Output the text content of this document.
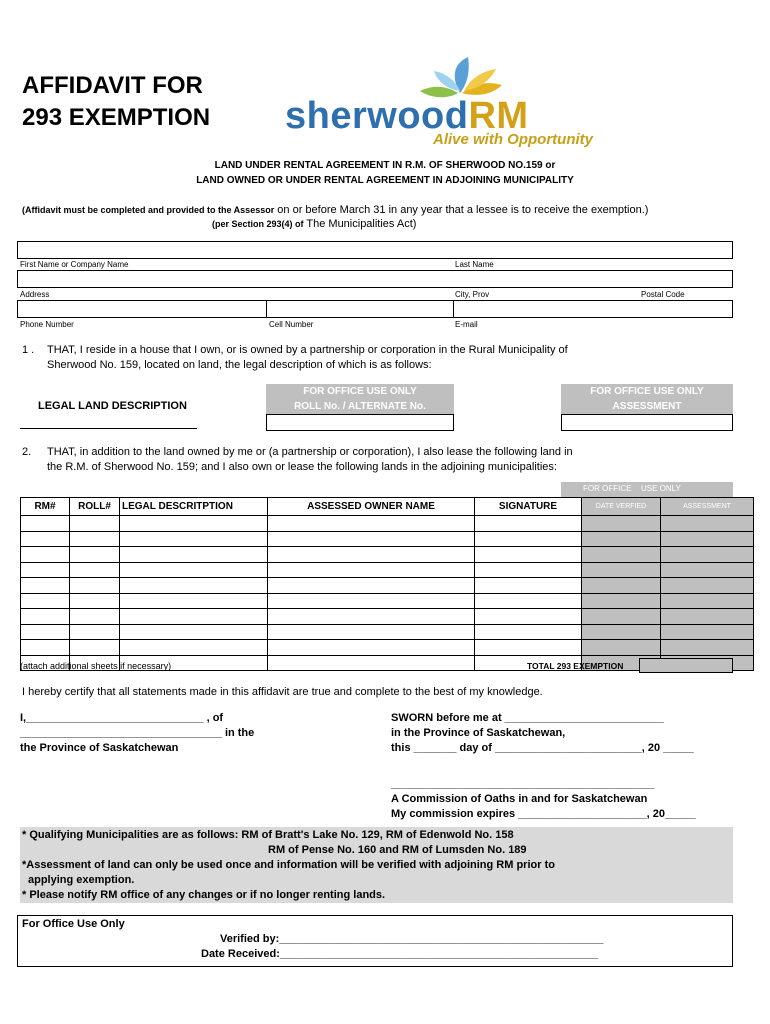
AFFIDAVIT FOR
293 EXEMPTION sherwoodRM
Alive with Opportunity
LAND UNDER RENTAL AGREEMENT IN R.M. OF SHERWOOD NO.159 or
LAND OWNED OR UNDER RENTAL AGREEMENT IN ADJOINING MUNICIPALITY
(Affidavit must be completed and provided to the Assessor on or before March 31 in any year that a lessee is to receive the exemption.)
(per Section 293(4) of The Municipalities Act)
First Name or Company Name	Last Name
Address	City, Prov	Postal Code
Phone Number	Cell Number	E-mail
1 . THAT, I reside in a house that I own, or is owned by a partnership or corporation in the Rural Municipality of
Sherwood No. 159, located on land, the legal description of which is as follows:
LEGAL LAND DESCRIPTION
FOR OFFICE USE ONLY
ROLL No. / ALTERNATE No.
FOR OFFICE USE ONLY
ASSESSMENT
2. THAT, in addition to the land owned by me or (a partnership or corporation), I also lease the following land in
the R.M. of Sherwood No. 159; and I also own or lease the following lands in the adjoining municipalities:
FOR OFFICE USE ONLY
RM#	ROLL#	LEGAL DESCRITPTION	ASSESSED OWNER NAME	SIGNATURE	DATE VERFIED	ASSESSMENT

(attach additional sheets if necessary)	TOTAL 293 EXEMPTION
I hereby certify that all statements made in this affidavit are true and complete to the best of my knowledge.
I,_____________________________ , of
_________________________________ in the
the Province of Saskatchewan
SWORN before me at __________________________
in the Province of Saskatchewan,
this _______ day of ________________________, 20 _____
___________________________________________
A Commission of Oaths in and for Saskatchewan
My commission expires _____________________, 20_____
* Qualifying Municipalities are as follows: RM of Bratt's Lake No. 129, RM of Edenwold No. 158
RM of Pense No. 160 and RM of Lumsden No. 189
*Assessment of land can only be used once and information will be verified with adjoining RM prior to
applying exemption.
* Please notify RM office of any changes or if no longer renting lands.
For Office Use Only
Verified by:_____________________________________________________
Date Received:____________________________________________________
